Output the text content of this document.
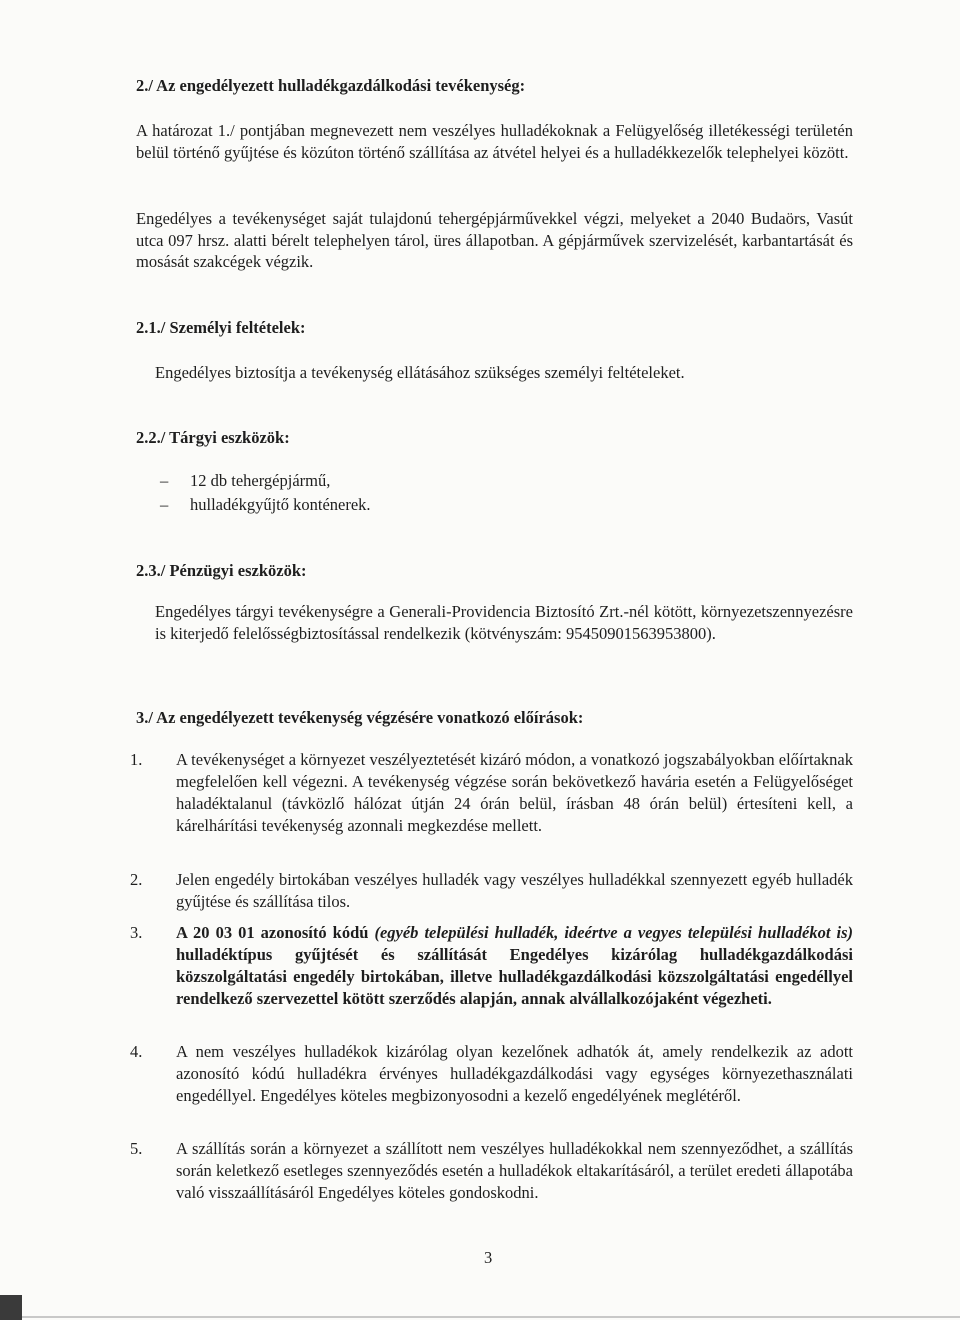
2./ Az engedélyezett hulladékgazdálkodási tevékenység:

A határozat 1./ pontjában megnevezett nem veszélyes hulladékoknak a Felügyelőség illetékességi területén belül történő gyűjtése és közúton történő szállítása az átvétel helyei és a hulladékkezelők telephelyei között.

Engedélyes a tevékenységet saját tulajdonú tehergépjárművekkel végzi, melyeket a 2040 Budaörs, Vasút utca 097 hrsz. alatti bérelt telephelyen tárol, üres állapotban. A gépjárművek szervizelését, karbantartását és mosását szakcégek végzik.

2.1./ Személyi feltételek:

Engedélyes biztosítja a tevékenység ellátásához szükséges személyi feltételeket.

2.2./ Tárgyi eszközök:
– 12 db tehergépjármű,
– hulladékgyűjtő konténerek.
2.3./ Pénzügyi eszközök:

Engedélyes tárgyi tevékenységre a Generali-Providencia Biztosító Zrt.-nél kötött, környezetszennyezésre is kiterjedő felelősségbiztosítással rendelkezik (kötvényszám: 95450901563953800).

3./ Az engedélyezett tevékenység végzésére vonatkozó előírások:
1. A tevékenységet a környezet veszélyeztetését kizáró módon, a vonatkozó jogszabályokban előírtaknak megfelelően kell végezni. A tevékenység végzése során bekövetkező havária esetén a Felügyelőséget haladéktalanul (távközlő hálózat útján 24 órán belül, írásban 48 órán belül) értesíteni kell, a kárelhárítási tevékenység azonnali megkezdése mellett.
2. Jelen engedély birtokában veszélyes hulladék vagy veszélyes hulladékkal szennyezett egyéb hulladék gyűjtése és szállítása tilos.
3. A 20 03 01 azonosító kódú (egyéb települési hulladék, ideértve a vegyes települési hulladékot is) hulladéktípus gyűjtését és szállítását Engedélyes kizárólag hulladékgazdálkodási közszolgáltatási engedély birtokában, illetve hulladékgazdálkodási közszolgáltatási engedéllyel rendelkező szervezettel kötött szerződés alapján, annak alvállalkozójaként végezheti.
4. A nem veszélyes hulladékok kizárólag olyan kezelőnek adhatók át, amely rendelkezik az adott azonosító kódú hulladékra érvényes hulladékgazdálkodási vagy egységes környezethasználati engedéllyel. Engedélyes köteles megbizonyosodni a kezelő engedélyének meglétéről.
5. A szállítás során a környezet a szállított nem veszélyes hulladékokkal nem szennyeződhet, a szállítás során keletkező esetleges szennyeződés esetén a hulladékok eltakarításáról, a terület eredeti állapotába való visszaállításáról Engedélyes köteles gondoskodni.
3
